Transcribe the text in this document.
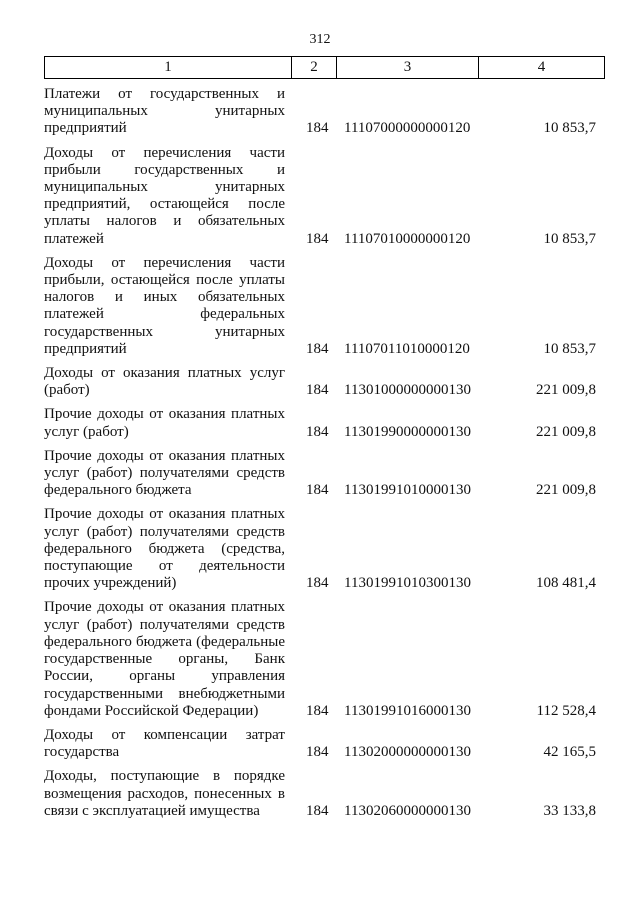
312
1	2	3	4
Платежи от государственных и муниципальных унитарных предприятий	184 11107000000000120	10 853,7
Доходы от перечисления части прибыли государственных и муниципальных унитарных предприятий, остающейся после уплаты налогов и обязательных платежей	184 11107010000000120	10 853,7
Доходы от перечисления части прибыли, остающейся после уплаты налогов и иных обязательных платежей федеральных государственных унитарных предприятий	184 11107011010000120	10 853,7
Доходы от оказания платных услуг (работ)	184 11301000000000130	221 009,8
Прочие доходы от оказания платных услуг (работ)	184 11301990000000130	221 009,8
Прочие доходы от оказания платных услуг (работ) получателями средств федерального бюджета	184 11301991010000130	221 009,8
Прочие доходы от оказания платных услуг (работ) получателями средств федерального бюджета (средства, поступающие от деятельности прочих учреждений)	184 11301991010300130	108 481,4
Прочие доходы от оказания платных услуг (работ) получателями средств федерального бюджета (федеральные государственные органы, Банк России, органы управления государственными внебюджетными фондами Российской Федерации)	184 11301991016000130	112 528,4
Доходы от компенсации затрат государства	184 11302000000000130	42 165,5
Доходы, поступающие в порядке возмещения расходов, понесенных в связи с эксплуатацией имущества	184 11302060000000130	33 133,8
